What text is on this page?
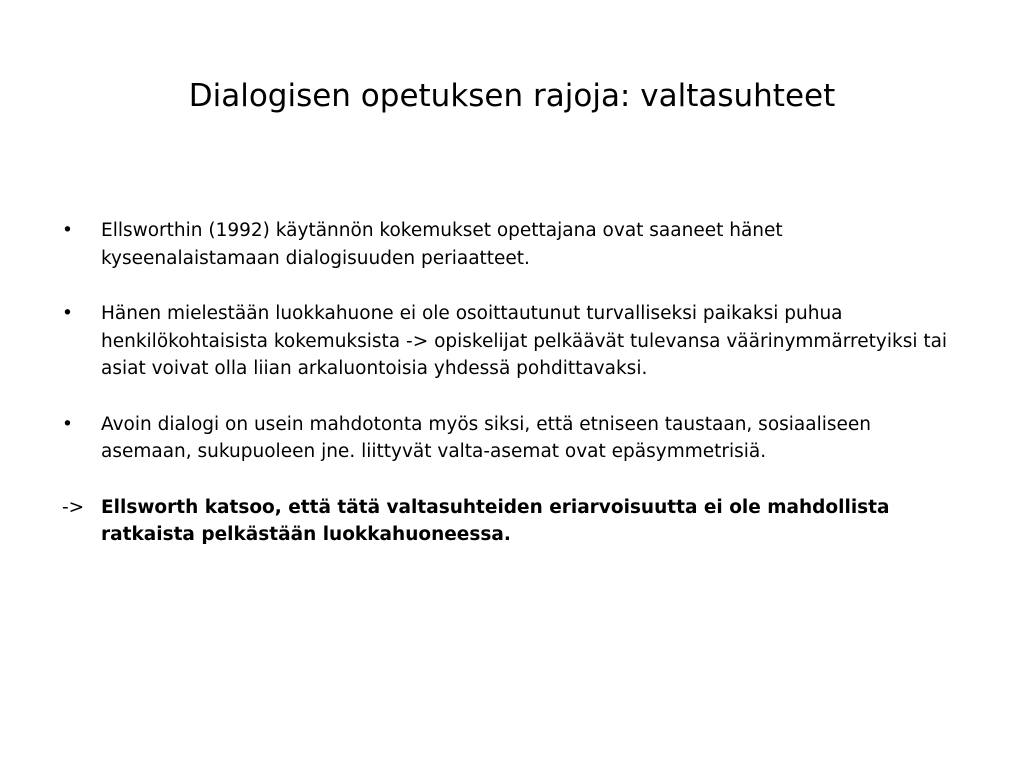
Dialogisen opetuksen rajoja: valtasuhteet
•	Ellsworthin (1992) käytännön kokemukset opettajana ovat saaneet hänet kyseenalaistamaan dialogisuuden periaatteet.
•	Hänen mielestään luokkahuone ei ole osoittautunut turvalliseksi paikaksi puhua henkilökohtaisista kokemuksista -> opiskelijat pelkäävät tulevansa väärinymmärretyiksi tai asiat voivat olla liian arkaluontoisia yhdessä pohdittavaksi.
•	Avoin dialogi on usein mahdotonta myös siksi, että etniseen taustaan, sosiaaliseen asemaan, sukupuoleen jne. liittyvät valta-asemat ovat epäsymmetrisiä.
-> Ellsworth katsoo, että tätä valtasuhteiden eriarvoisuutta ei ole mahdollista ratkaista pelkästään luokkahuoneessa.
